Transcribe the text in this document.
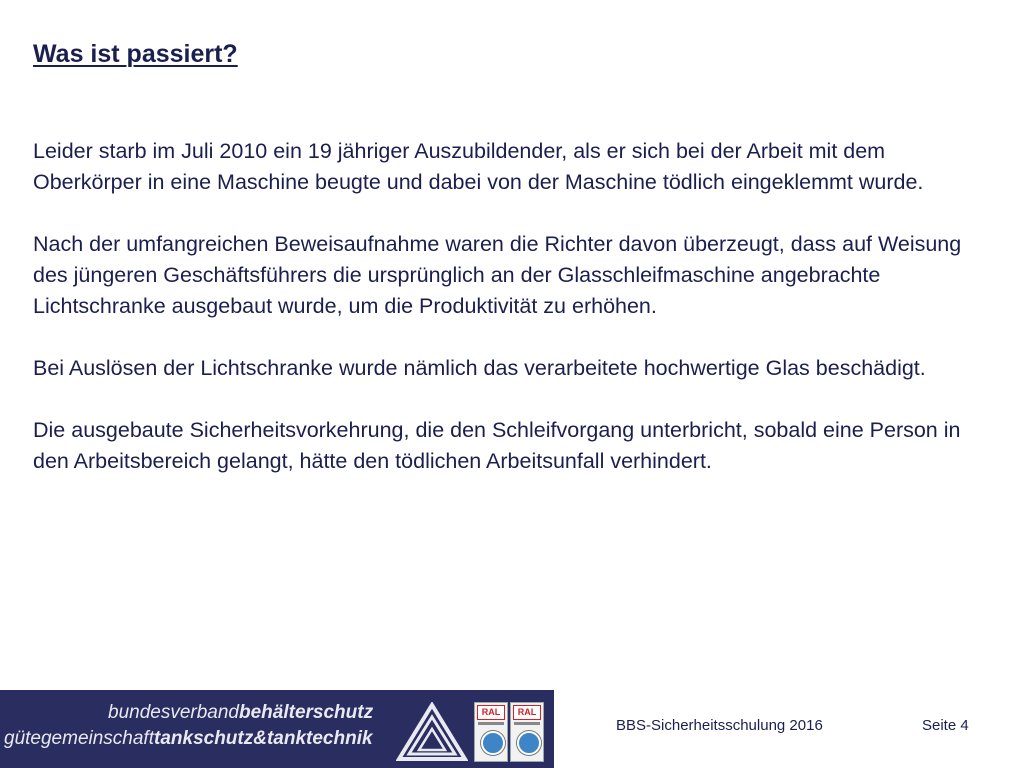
Was ist passiert?

Leider starb im Juli 2010 ein 19 jähriger Auszubildender, als er sich bei der Arbeit mit dem Oberkörper in eine Maschine beugte und dabei von der Maschine tödlich eingeklemmt wurde.

Nach der umfangreichen Beweisaufnahme waren die Richter davon überzeugt, dass auf Weisung des jüngeren Geschäftsführers die ursprünglich an der Glasschleifmaschine angebrachte Lichtschranke ausgebaut wurde, um die Produktivität zu erhöhen.

Bei Auslösen der Lichtschranke wurde nämlich das verarbeitete hochwertige Glas beschädigt.

Die ausgebaute Sicherheitsvorkehrung, die den Schleifvorgang unterbricht, sobald eine Person in den Arbeitsbereich gelangt, hätte den tödlichen Arbeitsunfall verhindert.

bundesverbandbehälterschutz
gütegemeinschafttankschutz&tanktechnik
RAL	RAL
BBS-Sicherheitsschulung 2016	Seite 4
